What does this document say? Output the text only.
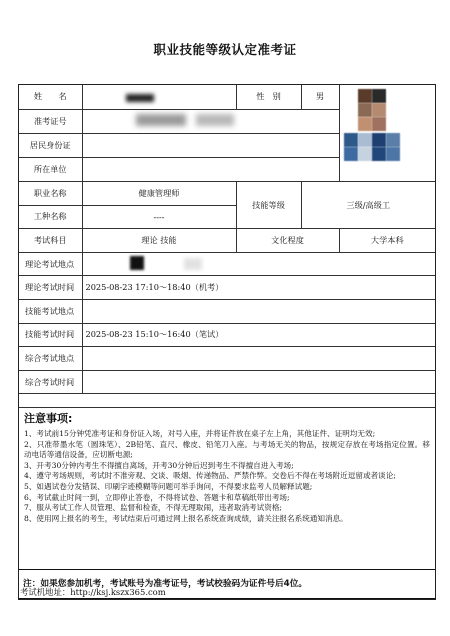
职业技能等级认定准考证
姓　　名		性　别	男	

准考证号				

居民身份证				
所在单位				
职业名称	健康管理师	技能等级	三级/高级工	
工种名称	----			
考试科目	理论 技能	文化程度		大学本科
理论考试地点				
理论考试时间	2025-08-23 17:10～18:40（机考）			
技能考试地点				
技能考试时间	2025-08-23 15:10～16:40（笔试）			
综合考试地点				
综合考试时间				
注意事项:

1、考试前15分钟凭准考证和身份证入场，对号入座，并将证件放在桌子左上角，其他证件、证明均无效;

2、只准带墨水笔（圆珠笔）、2B铅笔、直尺、橡皮、铅笔刀入座。与考场无关的物品，按规定存放在考场指定位置。移动电话等通信设备，应切断电源;

3、开考30分钟内考生不得擅自离场，开考30分钟后迟到考生不得擅自进入考场;

4、遵守考场规则，考试时不准旁观、交谈、吸烟、传递物品、严禁作弊。交卷后不得在考场附近逗留或者谈论;

5、如遇试卷分发错误、印刷字迹模糊等问题可举手询问，不得要求监考人员解释试题;

6、考试截止时间一到，立即停止答卷，不得将试卷、答题卡和草稿纸带出考场;

7、服从考试工作人员管理、监督和检查，不得无理取闹，违者取消考试资格;

8、使用网上报名的考生，考试结束后可通过网上报名系统查询成绩，请关注报名系统通知消息。

注：如果您参加机考，考试账号为准考证号，考试校验码为证件号后4位。
考试机地址：http://ksj.kszx365.com
